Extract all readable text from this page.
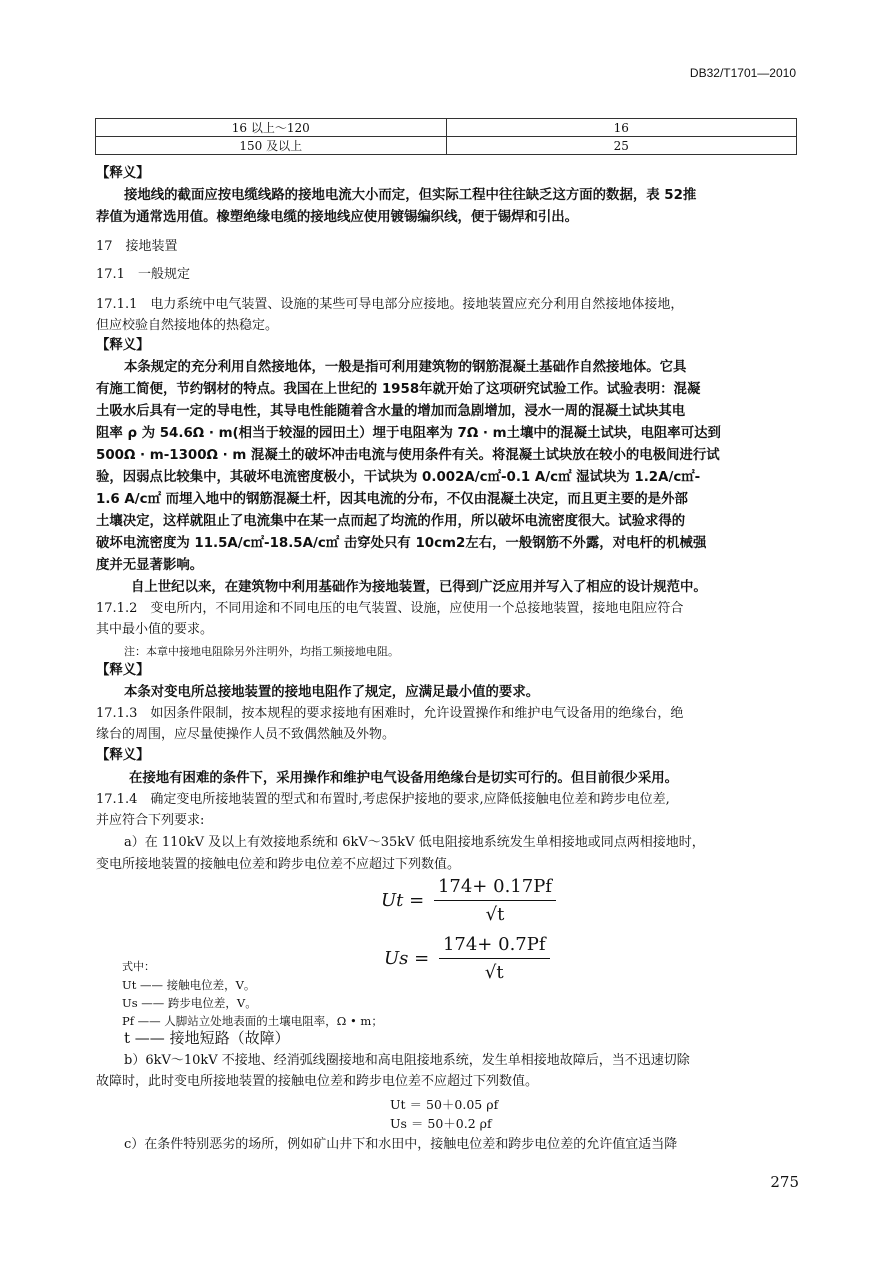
DB32/T1701—2010
16 以上～120	16
150 及以上	25
【释义】
接地线的截面应按电缆线路的接地电流大小而定，但实际工程中往往缺乏这方面的数据，表 52推
荐值为通常选用值。橡塑绝缘电缆的接地线应使用镀锡编织线，便于锡焊和引出。
17　接地装置
17.1　一般规定
17.1.1　电力系统中电气装置、设施的某些可导电部分应接地。接地装置应充分利用自然接地体接地，
但应校验自然接地体的热稳定。
【释义】
本条规定的充分利用自然接地体，一般是指可利用建筑物的钢筋混凝土基础作自然接地体。它具
有施工简便，节约钢材的特点。我国在上世纪的 1958年就开始了这项研究试验工作。试验表明：混凝
土吸水后具有一定的导电性，其导电性能随着含水量的增加而急剧增加，浸水一周的混凝土试块其电
阻率 ρ 为 54.6Ω · m(相当于较湿的园田土）埋于电阻率为 7Ω · m土壤中的混凝土试块，电阻率可达到
500Ω · m-1300Ω · m 混凝土的破坏冲击电流与使用条件有关。将混凝土试块放在较小的电极间进行试
验，因弱点比较集中，其破坏电流密度极小，干试块为 0.002A/c㎡-0.1 A/c㎡ 湿试块为 1.2A/c㎡-
1.6 A/c㎡ 而埋入地中的钢筋混凝土杆，因其电流的分布，不仅由混凝土决定，而且更主要的是外部
土壤决定，这样就阻止了电流集中在某一点而起了均流的作用，所以破坏电流密度很大。试验求得的
破坏电流密度为 11.5A/c㎡-18.5A/c㎡ 击穿处只有 10cm2左右，一般钢筋不外露，对电杆的机械强
度并无显著影响。
自上世纪以来，在建筑物中利用基础作为接地装置，已得到广泛应用并写入了相应的设计规范中。
17.1.2　变电所内，不同用途和不同电压的电气装置、设施，应使用一个总接地装置，接地电阻应符合
其中最小值的要求。
注：本章中接地电阻除另外注明外，均指工频接地电阻。
【释义】
本条对变电所总接地装置的接地电阻作了规定，应满足最小值的要求。
17.1.3　如因条件限制，按本规程的要求接地有困难时，允许设置操作和维护电气设备用的绝缘台，绝
缘台的周围，应尽量使操作人员不致偶然触及外物。
【释义】
在接地有困难的条件下，采用操作和维护电气设备用绝缘台是切实可行的。但目前很少采用。
17.1.4　确定变电所接地装置的型式和布置时,考虑保护接地的要求,应降低接触电位差和跨步电位差,
并应符合下列要求:
a）在 110kV 及以上有效接地系统和 6kV～35kV 低电阻接地系统发生单相接地或同点两相接地时，
变电所接地装置的接触电位差和跨步电位差不应超过下列数值。
$Ut = \frac{174+ 0.17Pf}{√t}$
$Us = \frac{174+ 0.7Pf}{√t}$
式中：
Ut —— 接触电位差，V。
Us —— 跨步电位差，V。
Pf —— 人脚站立处地表面的土壤电阻率，Ω • m；
t —— 接地短路（故障）
b）6kV～10kV 不接地、经消弧线圈接地和高电阻接地系统，发生单相接地故障后，当不迅速切除
故障时，此时变电所接地装置的接触电位差和跨步电位差不应超过下列数值。
Ut ＝ 50＋0.05 ρf
Us ＝ 50＋0.2 ρf
c）在条件特别恶劣的场所，例如矿山井下和水田中，接触电位差和跨步电位差的允许值宜适当降
275
